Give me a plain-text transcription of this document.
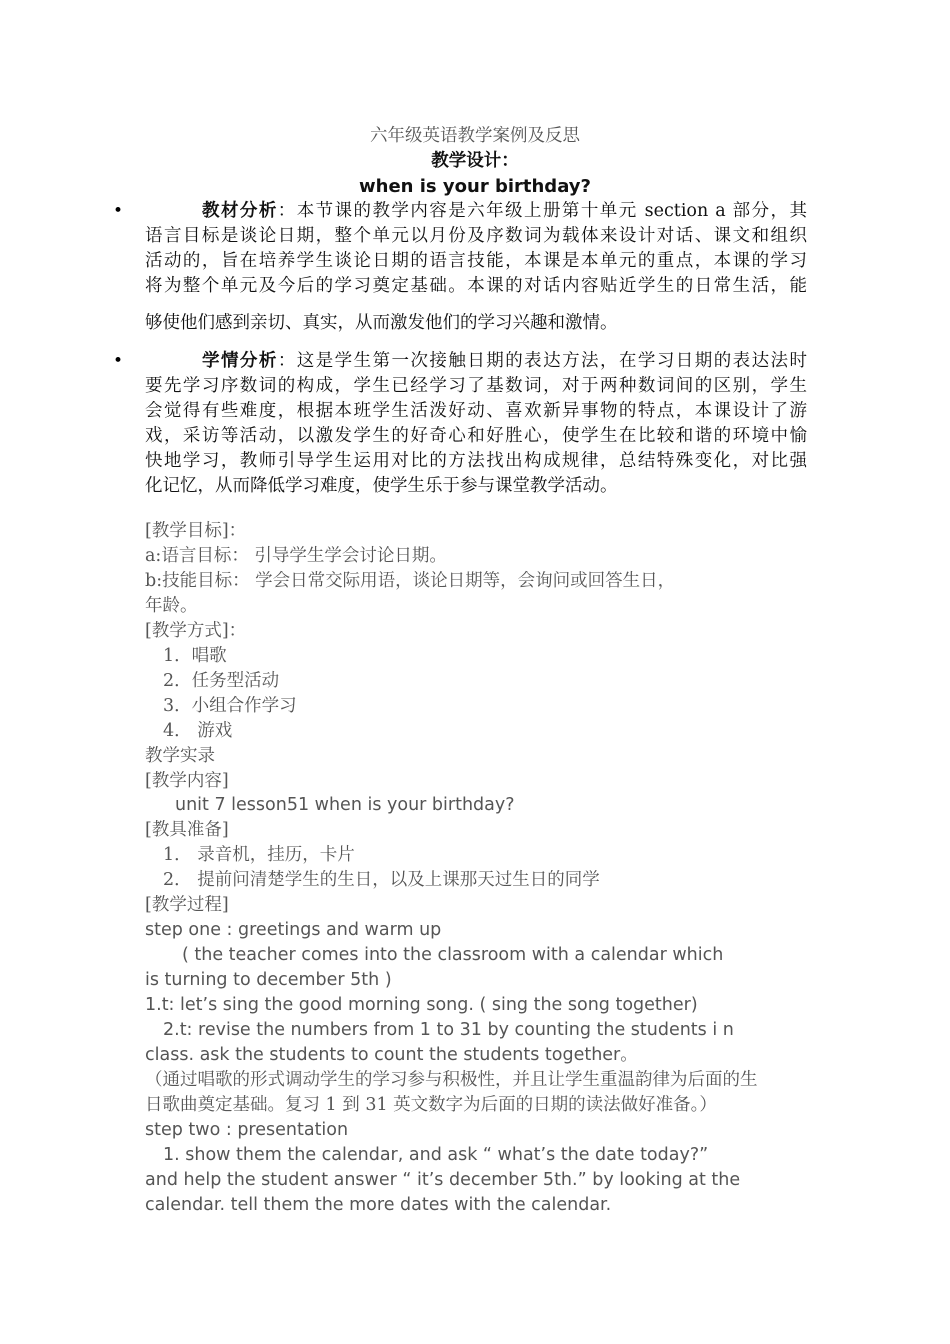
六年级英语教学案例及反思
教学设计：
when is your birthday?
•	教材分析：本节课的教学内容是六年级上册第十单元 section a 部分，其
语言目标是谈论日期，整个单元以月份及序数词为载体来设计对话、课文和组织
活动的，旨在培养学生谈论日期的语言技能，本课是本单元的重点，本课的学习
将为整个单元及今后的学习奠定基础。本课的对话内容贴近学生的日常生活，能
够使他们感到亲切、真实，从而激发他们的学习兴趣和激情。
•	学情分析：这是学生第一次接触日期的表达方法，在学习日期的表达法时
要先学习序数词的构成，学生已经学习了基数词，对于两种数词间的区别，学生
会觉得有些难度，根据本班学生活泼好动、喜欢新异事物的特点，本课设计了游
戏，采访等活动，以激发学生的好奇心和好胜心，使学生在比较和谐的环境中愉
快地学习，教师引导学生运用对比的方法找出构成规律，总结特殊变化，对比强
化记忆，从而降低学习难度，使学生乐于参与课堂教学活动。
[教学目标]：
a:语言目标： 引导学生学会讨论日期。
b:技能目标： 学会日常交际用语，谈论日期等，会询问或回答生日，
年龄。
[教学方式]：
1．唱歌
2．任务型活动
3．小组合作学习
4． 游戏
教学实录
[教学内容]
unit 7 lesson51 when is your birthday?
[教具准备]
1． 录音机，挂历，卡片
2． 提前问清楚学生的生日，以及上课那天过生日的同学
[教学过程]
step one : greetings and warm up
( the teacher comes into the classroom with a calendar which
is turning to december 5th )
1.t: let’s sing the good morning song. ( sing the song together)
2.t: revise the numbers from 1 to 31 by counting the students i n
class. ask the students to count the students together。
（通过唱歌的形式调动学生的学习参与积极性，并且让学生重温韵律为后面的生
日歌曲奠定基础。复习 1 到 31 英文数字为后面的日期的读法做好准备。）
step two : presentation
1. show them the calendar, and ask “ what’s the date today?”
and help the student answer “ it’s december 5th.” by looking at the
calendar. tell them the more dates with the calendar.
